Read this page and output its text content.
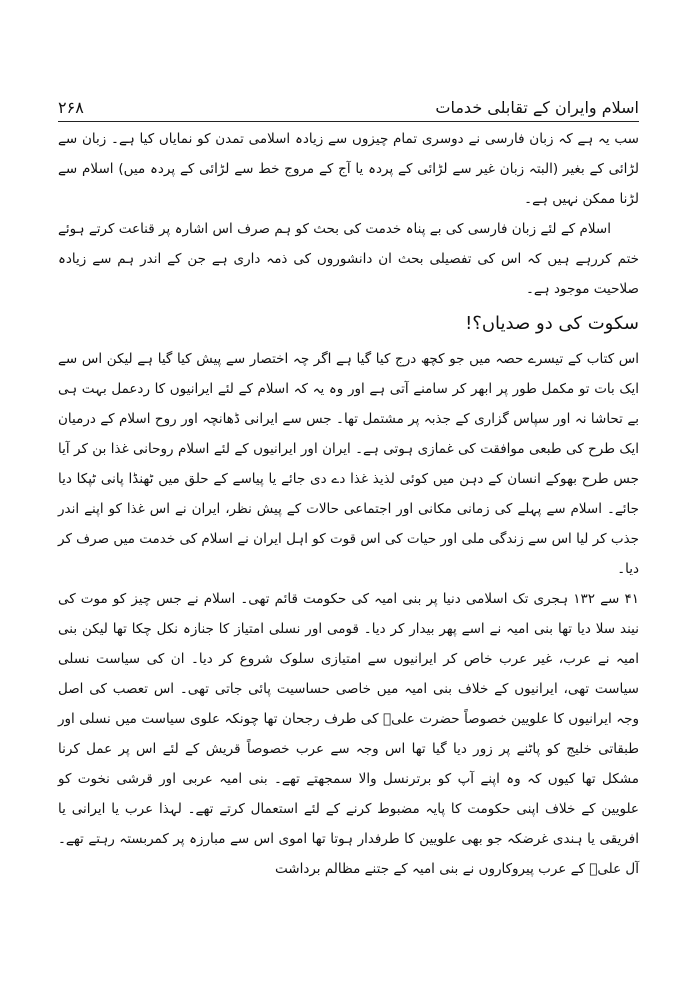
اسلام وایران کے تقابلی خدمات
۲۶۸

سب یہ ہے کہ زبان فارسی نے دوسری تمام چیزوں سے زیادہ اسلامی تمدن کو نمایاں کیا ہے۔ زبان سے لڑائی کے بغیر (البتہ زبان غیر سے لڑائی کے پردہ یا آج کے مروج خط سے لڑائی کے پردہ میں) اسلام سے لڑنا ممکن نہیں ہے۔

اسلام کے لئے زبان فارسی کی بے پناہ خدمت کی بحث کو ہم صرف اس اشارہ پر قناعت کرتے ہوئے ختم کررہے ہیں کہ اس کی تفصیلی بحث ان دانشوروں کی ذمہ داری ہے جن کے اندر ہم سے زیادہ صلاحیت موجود ہے۔

سکوت کی دو صدیاں؟!

اس کتاب کے تیسرے حصہ میں جو کچھ درج کیا گیا ہے اگر چہ اختصار سے پیش کیا گیا ہے لیکن اس سے ایک بات تو مکمل طور پر ابھر کر سامنے آتی ہے اور وہ یہ کہ اسلام کے لئے ایرانیوں کا ردعمل بہت ہی بے تحاشا نہ اور سپاس گزاری کے جذبہ پر مشتمل تھا۔ جس سے ایرانی ڈھانچہ اور روح اسلام کے درمیان ایک طرح کی طبعی موافقت کی غمازی ہوتی ہے۔ ایران اور ایرانیوں کے لئے اسلام روحانی غذا بن کر آیا جس طرح بھوکے انسان کے دہن میں کوئی لذیذ غذا دے دی جائے یا پیاسے کے حلق میں ٹھنڈا پانی ٹپکا دیا جائے۔ اسلام سے پہلے کی زمانی مکانی اور اجتماعی حالات کے پیش نظر، ایران نے اس غذا کو اپنے اندر جذب کر لیا اس سے زندگی ملی اور حیات کی اس قوت کو اہل ایران نے اسلام کی خدمت میں صرف کر دیا۔

۴۱ سے ۱۳۲ ہجری تک اسلامی دنیا پر بنی امیہ کی حکومت قائم تھی۔ اسلام نے جس چیز کو موت کی نیند سلا دیا تھا بنی امیہ نے اسے پھر بیدار کر دیا۔ قومی اور نسلی امتیاز کا جنازہ نکل چکا تھا لیکن بنی امیہ نے عرب، غیر عرب خاص کر ایرانیوں سے امتیازی سلوک شروع کر دیا۔ ان کی سیاست نسلی سیاست تھی، ایرانیوں کے خلاف بنی امیہ میں خاصی حساسیت پائی جاتی تھی۔ اس تعصب کی اصل وجہ ایرانیوں کا علویین خصوصاً حضرت علیؑ کی طرف رجحان تھا چونکہ علوی سیاست میں نسلی اور طبقاتی خلیج کو پاٹنے پر زور دیا گیا تھا اس وجہ سے عرب خصوصاً قریش کے لئے اس پر عمل کرنا مشکل تھا کیوں کہ وہ اپنے آپ کو برترنسل والا سمجھتے تھے۔ بنی امیہ عربی اور قرشی نخوت کو علویین کے خلاف اپنی حکومت کا پایہ مضبوط کرنے کے لئے استعمال کرتے تھے۔ لہذا عرب یا ایرانی یا افریقی یا ہندی غرضکہ جو بھی علویین کا طرفدار ہوتا تھا اموی اس سے مبارزہ پر کمربستہ رہتے تھے۔ آل علیؑ کے عرب پیروکاروں نے بنی امیہ کے جتنے مظالم برداشت
